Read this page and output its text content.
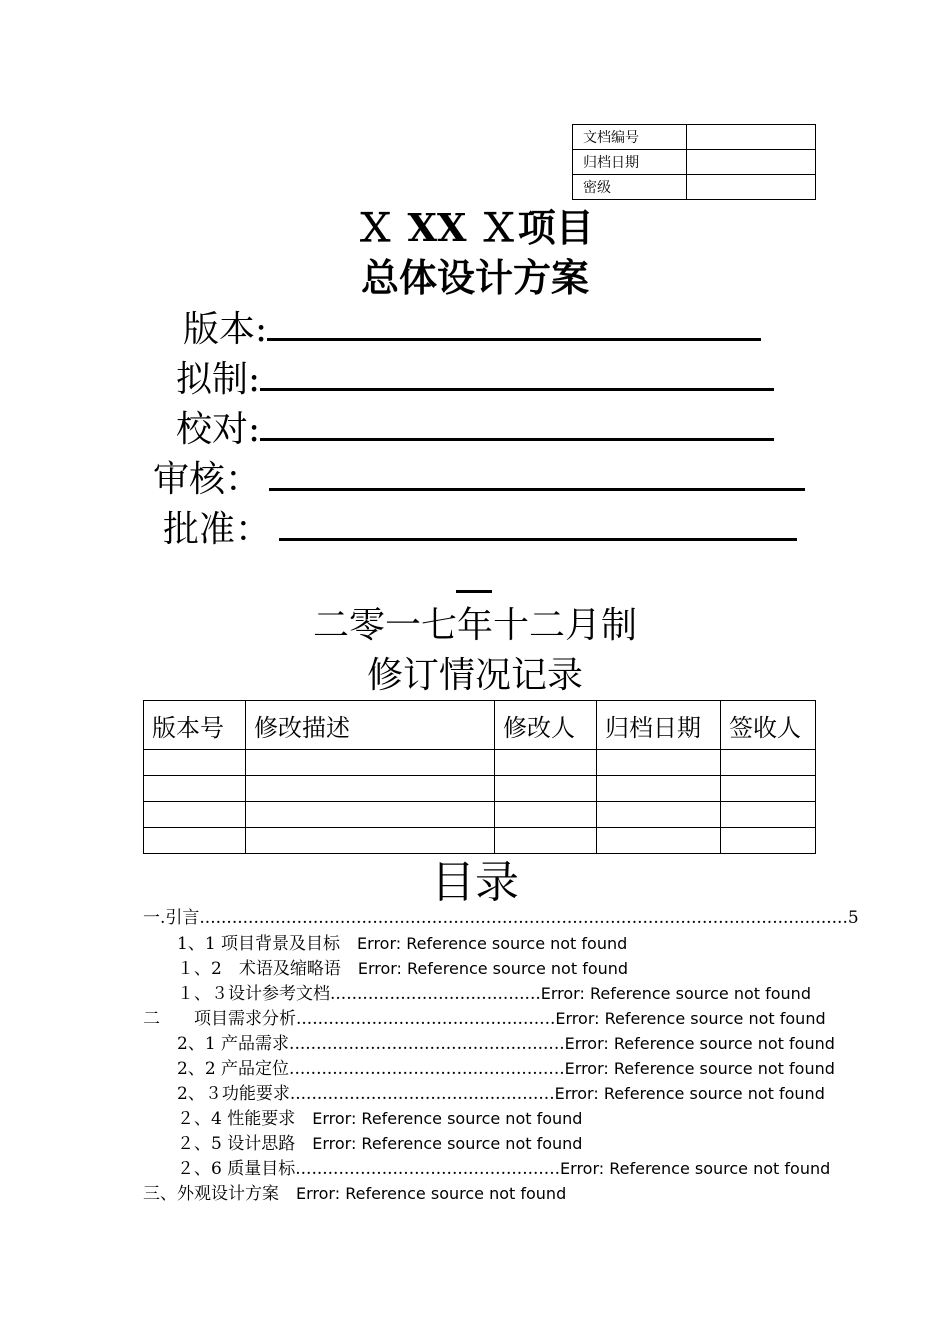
文档编号	
归档日期	
密级	
Ｘ XX Ｘ项目
总体设计方案
版本:
拟制:
校对:
审核：
批准：
二零一七年十二月制
修订情况记录
版本号	修改描述	修改人	归档日期	签收人

目录
一.引言........................................................................................................................5
1、1 项目背景及目标　 Error: Reference source not found
１、2　术语及缩略语　 Error: Reference source not found
１、３设计参考文档.......................................Error: Reference source not found
二　　项目需求分析................................................Error: Reference source not found
2、1 产品需求...................................................Error: Reference source not found
2、2 产品定位...................................................Error: Reference source not found
2、３功能要求.................................................Error: Reference source not found
２、4 性能要求　 Error: Reference source not found
２、5 设计思路　 Error: Reference source not found
２、6 质量目标.................................................Error: Reference source not found
三、外观设计方案　 Error: Reference source not found
